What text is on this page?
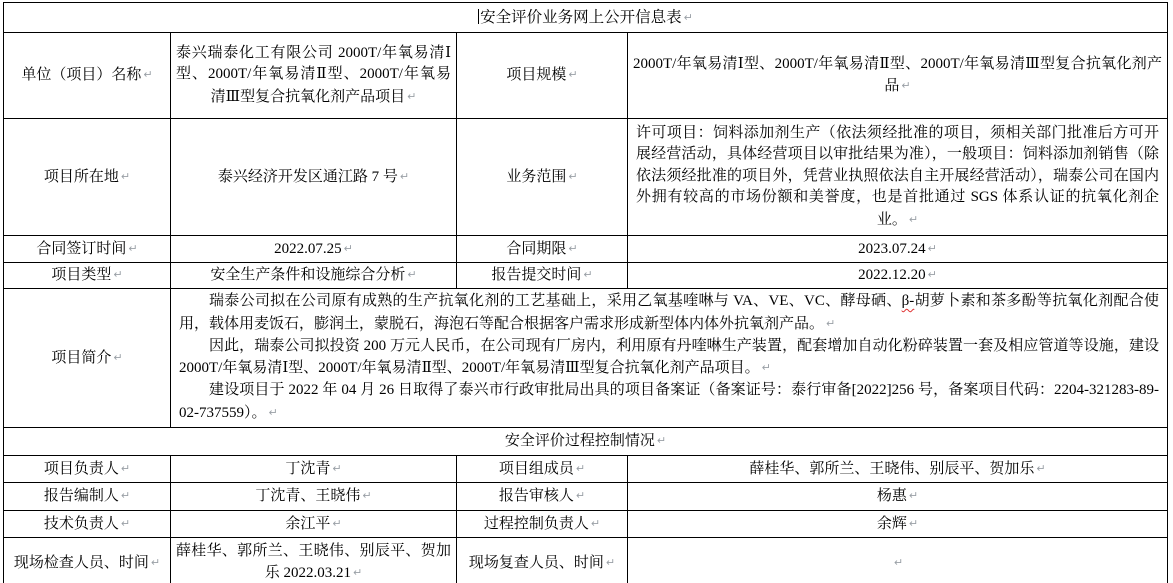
安全评价业务网上公开信息表↵ ↵
单位（项目）名称↵	泰兴瑞泰化工有限公司 2000T/年氧易清Ⅰ型、2000T/年氧易清Ⅱ型、2000T/年氧易清Ⅲ型复合抗氧化剂产品项目↵	项目规模↵	2000T/年氧易清Ⅰ型、2000T/年氧易清Ⅱ型、2000T/年氧易清Ⅲ型复合抗氧化剂产品↵ ↵
项目所在地↵	泰兴经济开发区通江路 7 号↵	业务范围↵	许可项目：饲料添加剂生产（依法须经批准的项目，须相关部门批准后方可开展经营活动，具体经营项目以审批结果为准），一般项目：饲料添加剂销售（除依法须经批准的项目外，凭营业执照依法自主开展经营活动），瑞泰公司在国内外拥有较高的市场份额和美誉度，也是首批通过 SGS 体系认证的抗氧化剂企业。↵ ↵
合同签订时间↵	2022.07.25↵	合同期限↵	2023.07.24↵ ↵
项目类型↵	安全生产条件和设施综合分析↵	报告提交时间↵	2022.12.20↵ ↵
项目简介↵	瑞泰公司拟在公司原有成熟的生产抗氧化剂的工艺基础上，采用乙氧基喹啉与 VA、VE、VC、酵母硒、β-胡萝卜素和茶多酚等抗氧化剂配合使用，载体用麦饭石，膨润土，蒙脱石，海泡石等配合根据客户需求形成新型体内体外抗氧剂产品。↵

因此，瑞泰公司拟投资 200 万元人民币，在公司现有厂房内，利用原有丹喹啉生产装置，配套增加自动化粉碎装置一套及相应管道等设施，建设 2000T/年氧易清Ⅰ型、2000T/年氧易清Ⅱ型、2000T/年氧易清Ⅲ型复合抗氧化剂产品项目。↵

建设项目于 2022 年 04 月 26 日取得了泰兴市行政审批局出具的项目备案证（备案证号：泰行审备[2022]256 号，备案项目代码：2204-321283-89-02-737559）。↵

↵
安全评价过程控制情况↵ ↵
项目负责人↵	丁沈青↵	项目组成员↵	薛桂华、郭所兰、王晓伟、别辰平、贺加乐↵ ↵
报告编制人↵	丁沈青、王晓伟↵	报告审核人↵	杨惠↵ ↵
技术负责人↵	余江平↵	过程控制负责人↵	余辉↵ ↵
现场检查人员、时间↵	薛桂华、郭所兰、王晓伟、别辰平、贺加乐 2022.03.21↵	现场复查人员、时间↵	↵ ↵
